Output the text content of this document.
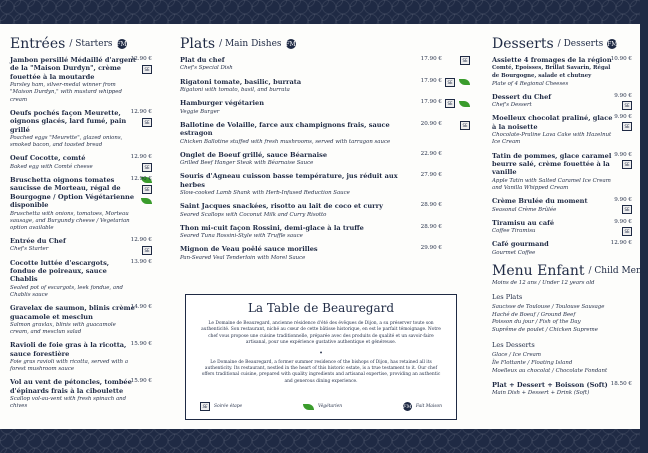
Entrées / Starters FM
Jambon persillé Médaillé d'argent de la "Maison Durdyn", crème fouettée à la moutarde
Parsley ham, silver-medal winner from "Maison Durdyn," with mustard whipped cream
12.90 €
SE
Oeufs pochés façon Meurette, oignons glacés, lard fumé, pain grillé
Poached eggs "Meurette", glazed onions, smoked bacon, and toasted bread
12.90 €
SE
Oeuf Cocotte, comté
Baked egg with Comté cheese
12.90 €
SE
Bruschetta oignons tomates saucisse de Morteau, régal de Bourgogne / Option Végétarienne disponible
Bruschetta with onions, tomatoes, Morteau sausage, and Burgundy cheese / Vegetarian option available
12.90 €
SE
Entrée du Chef
Chef's Starter
12.90 €
SE
Cocotte luttée d'escargots, fondue de poireaux, sauce Chablis
Sealed pot of escargots, leek fondue, and Chablis sauce
13.90 €
Gravelax de saumon, blinis crème guacamole et mesclun
Salmon gravlax, blinis with guacamole cream, and mesclun salad
14.90 €
Ravioli de foie gras à la ricotta, sauce forestière
Foie gras ravioli with ricotta, served with a forest mushroom sauce
15.90 €
Vol au vent de pétoncles, tombée d'épinards frais à la ciboulette
Scallop vol-au-vent with fresh spinach and chives
15.90 €
Plats / Main Dishes FM
Plat du chef
Chef's Special Dish
17.90 €	SE
Rigatoni tomate, basilic, burrata
Rigatoni with tomato, basil, and burrata
17.90 €	SE
Hamburger végétarien
Veggie Burger
17.90 €	SE
Ballotine de Volaille, farce aux champignons frais, sauce estragon
Chicken Ballotine stuffed with fresh mushrooms, served with tarragon sauce
20.90 €	SE
Onglet de Boeuf grillé, sauce Béarnaise
Grilled Beef Hanger Steak with Béarnaise Sauce
22.90 €
Souris d'Agneau cuisson basse température, jus réduit aux herbes
Slow-cooked Lamb Shank with Herb-Infused Reduction Sauce
27.90 €
Saint Jacques snackées, risotto au lait de coco et curry
Seared Scallops with Coconut Milk and Curry Risotto
28.90 €
Thon mi-cuit façon Rossini, demi-glace à la truffe
Seared Tuna Rossini-Style with Truffle sauce
28.90 €
Mignon de Veau poêlé sauce morilles
Pan-Seared Veal Tenderloin with Morel Sauce
29.90 €
La Table de Beauregard

Le Domaine de Beauregard, ancienne résidence d'été des évêques de Dijon, a su préserver toute son authenticité. Son restaurant, niché au cœur de cette bâtisse historique, en est le parfait témoignage. Notre chef vous propose une cuisine traditionnelle, préparée avec des produits de qualité et un savoir-faire artisanal, pour une expérience gustative authentique et généreuse.

•

Le Domaine de Beauregard, a former summer residence of the bishops of Dijon, has retained all its authenticity. Its restaurant, nestled in the heart of this historic estate, is a true testament to it. Our chef offers traditional cuisine, prepared with quality ingredients and artisanal expertise, providing an authentic and generous dining experience.

SE	Soirée étape	Végétarien	FM Fait Maison
Desserts / Desserts FM
Assiette 4 fromages de la région
Comté, Epoisses, Brillat Savarin, Régal de Bourgogne, salade et chutney
Plate of 4 Regional Cheeses
10.90 €
Dessert du Chef
Chef's Dessert
9.90 €
SE
Moelleux chocolat praliné, glace à la noisette
Chocolate-Praline Lava Cake with Hazelnut Ice Cream
9.90 €
SE
Tatin de pommes, glace caramel beurre salé, crème fouettée à la vanille
Apple Tatin with Salted Caramel Ice Cream and Vanilla Whipped Cream
9.90 €
SE
Crème Brulée du moment
Seasonal Crème Brûlée
9.90 €
SE
Tiramisu au café
Coffee Tiramisu
9.90 €
SE
Café gourmand
Gourmet Coffee
12.90 €
Menu Enfant / Child Menu
Moins de 12 ans / Under 12 years old
Les Plats
Saucisse de Toulouse / Toulouse Sausage
Haché de Boeuf / Ground Beef
Poisson du jour / Fish of the Day
Suprême de poulet / Chicken Supreme
Les Desserts
Glace / Ice Cream
Île Flottante / Floating Island
Moelleux au chocolat / Chocolate Fondant
Plat + Dessert + Boisson (Soft)
Main Dish + Dessert + Drink (Soft)
18.50 €
